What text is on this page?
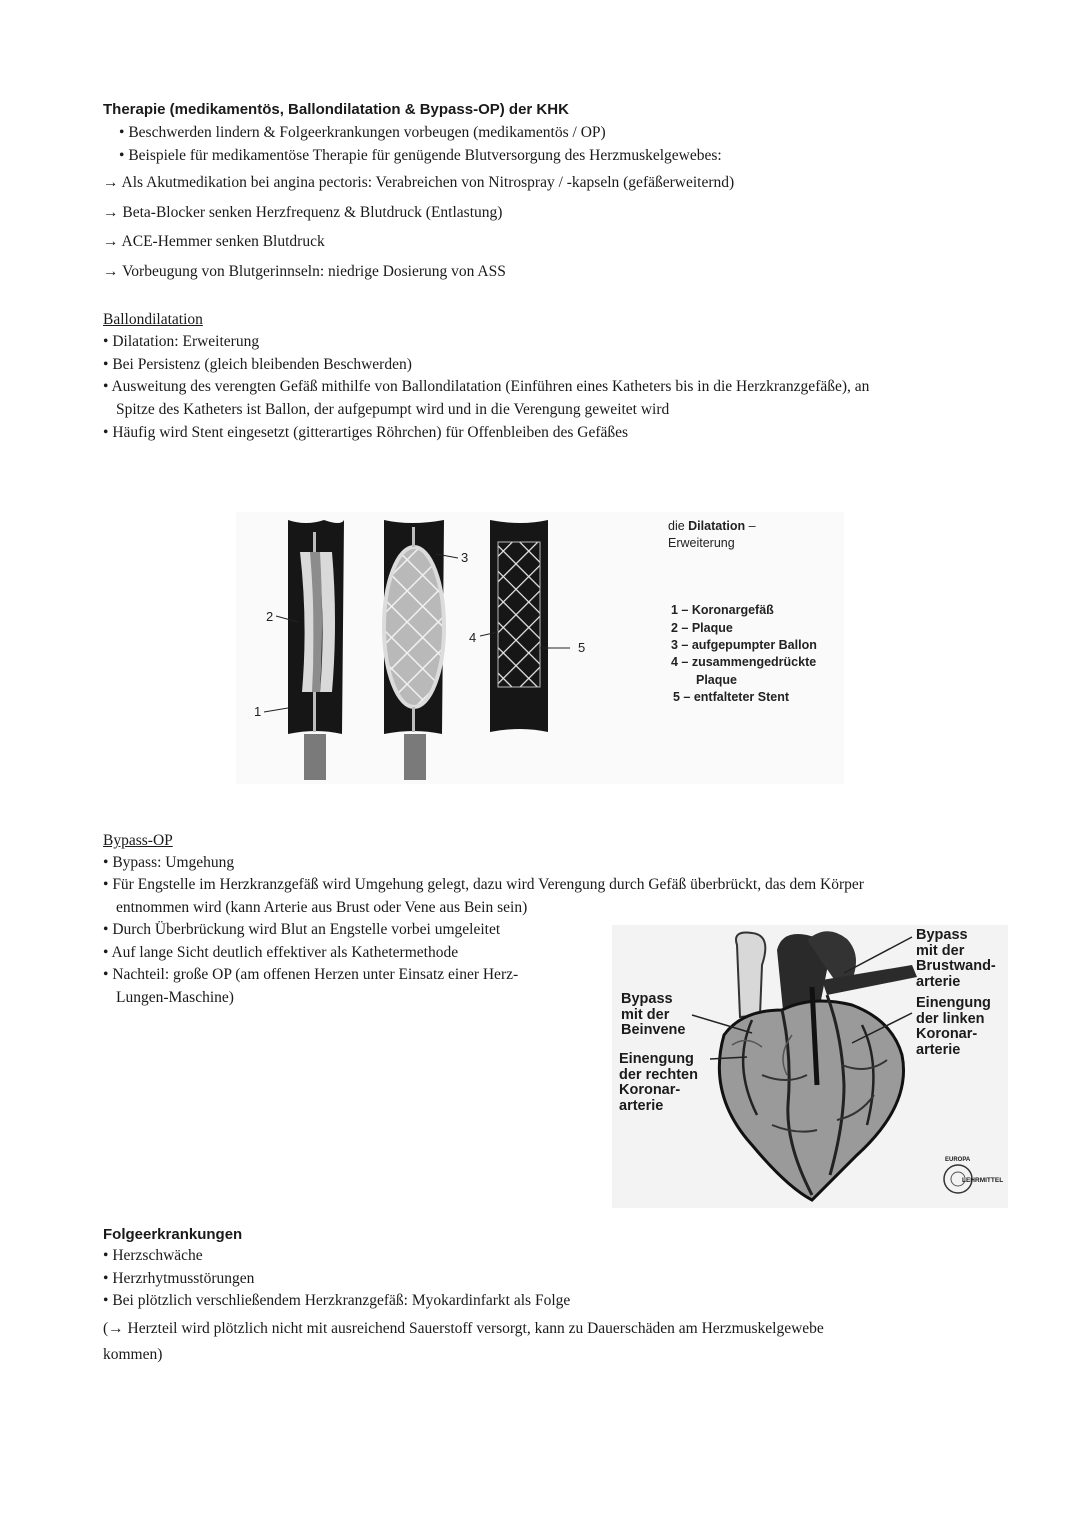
Therapie (medikamentös, Ballondilatation & Bypass-OP) der KHK
• Beschwerden lindern & Folgeerkrankungen vorbeugen (medikamentös / OP)
• Beispiele für medikamentöse Therapie für genügende Blutversorgung des Herzmuskelgewebes:
→ Als Akutmedikation bei angina pectoris: Verabreichen von Nitrospray / -kapseln (gefäßerweiternd)
→ Beta-Blocker senken Herzfrequenz & Blutdruck (Entlastung)
→ ACE-Hemmer senken Blutdruck
→ Vorbeugung von Blutgerinnseln: niedrige Dosierung von ASS
Ballondilatation
• Dilatation: Erweiterung
• Bei Persistenz (gleich bleibenden Beschwerden)
• Ausweitung des verengten Gefäß mithilfe von Ballondilatation (Einführen eines Katheters bis in die Herzkranzgefäße), an
Spitze des Katheters ist Ballon, der aufgepumpt wird und in die Verengung geweitet wird
• Häufig wird Stent eingesetzt (gitterartiges Röhrchen) für Offenbleiben des Gefäßes
2
1
3
4
5
die Dilatation –
Erweiterung
1 – Koronargefäß
2 – Plaque
3 – aufgepumpter Ballon
4 – zusammengedrückte
Plaque
5 – entfalteter Stent
Bypass-OP
• Bypass: Umgehung
• Für Engstelle im Herzkranzgefäß wird Umgehung gelegt, dazu wird Verengung durch Gefäß überbrückt, das dem Körper
entnommen wird (kann Arterie aus Brust oder Vene aus Bein sein)
• Durch Überbrückung wird Blut an Engstelle vorbei umgeleitet
• Auf lange Sicht deutlich effektiver als Kathetermethode
• Nachteil: große OP (am offenen Herzen unter Einsatz einer Herz-
Lungen-Maschine)
Bypass
mit der
Brustwand-
arterie
Einengung
der linken
Koronar-
arterie
Bypass
mit der
Beinvene
Einengung
der rechten
Koronar-
arterie
EUROPA
LEHRMITTEL
Folgeerkrankungen
• Herzschwäche
• Herzrhytmusstörungen
• Bei plötzlich verschließendem Herzkranzgefäß: Myokardinfarkt als Folge
(→ Herzteil wird plötzlich nicht mit ausreichend Sauerstoff versorgt, kann zu Dauerschäden am Herzmuskelgewebe
kommen)
